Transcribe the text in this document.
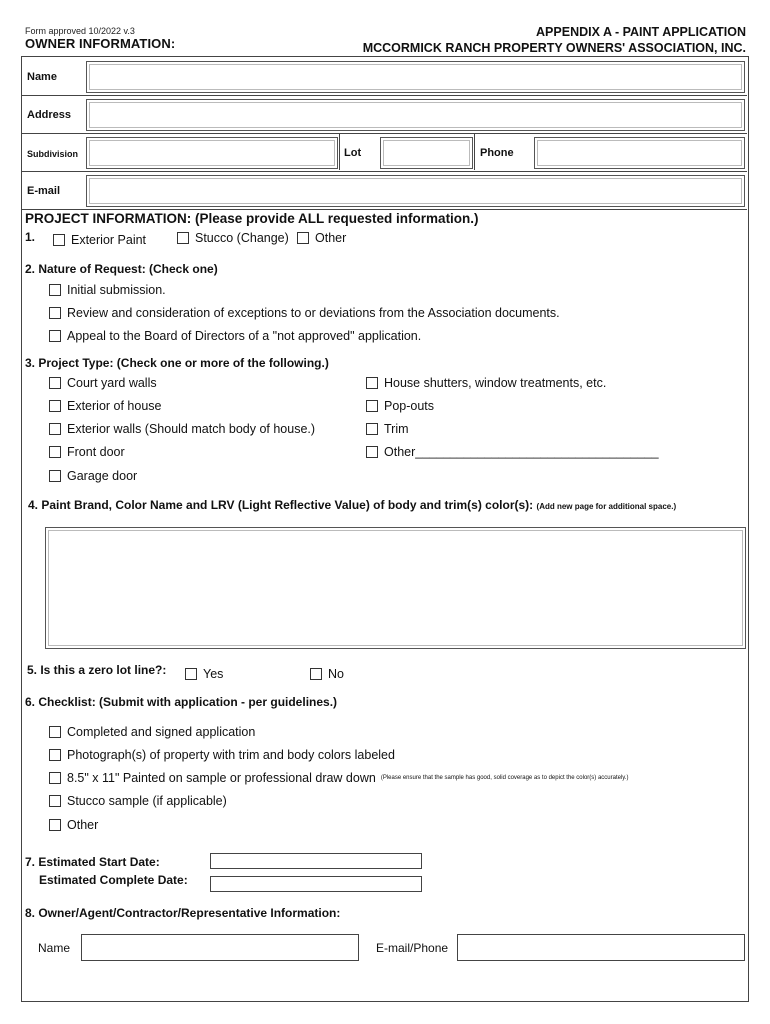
Form approved 10/2022 v.3
OWNER INFORMATION:
APPENDIX A - PAINT APPLICATION
MCCORMICK RANCH PROPERTY OWNERS' ASSOCIATION, INC.
Name
Address
Subdivision	Lot	Phone
E-mail
PROJECT INFORMATION: (Please provide ALL requested information.)
1.	Exterior Paint	Stucco (Change) Other
2. Nature of Request: (Check one)
Initial submission.
Review and consideration of exceptions to or deviations from the Association documents.
Appeal to the Board of Directors of a "not approved" application.
3. Project Type: (Check one or more of the following.)
Court yard walls
Exterior of house
Exterior walls (Should match body of house.)
Front door
Garage door
House shutters, window treatments, etc.
Pop-outs
Trim
Other___________________________________
4. Paint Brand, Color Name and LRV (Light Reflective Value) of body and trim(s) color(s): (Add new page for additional space.)
5. Is this a zero lot line?:	Yes	No
6. Checklist: (Submit with application - per guidelines.)
Completed and signed application
Photograph(s) of property with trim and body colors labeled
8.5" x 11" Painted on sample or professional draw down (Please ensure that the sample has good, solid coverage as to depict the color(s) accurately.)
Stucco sample (if applicable)
Other
7. Estimated Start Date:
Estimated Complete Date:
8. Owner/Agent/Contractor/Representative Information:
Name	E-mail/Phone
